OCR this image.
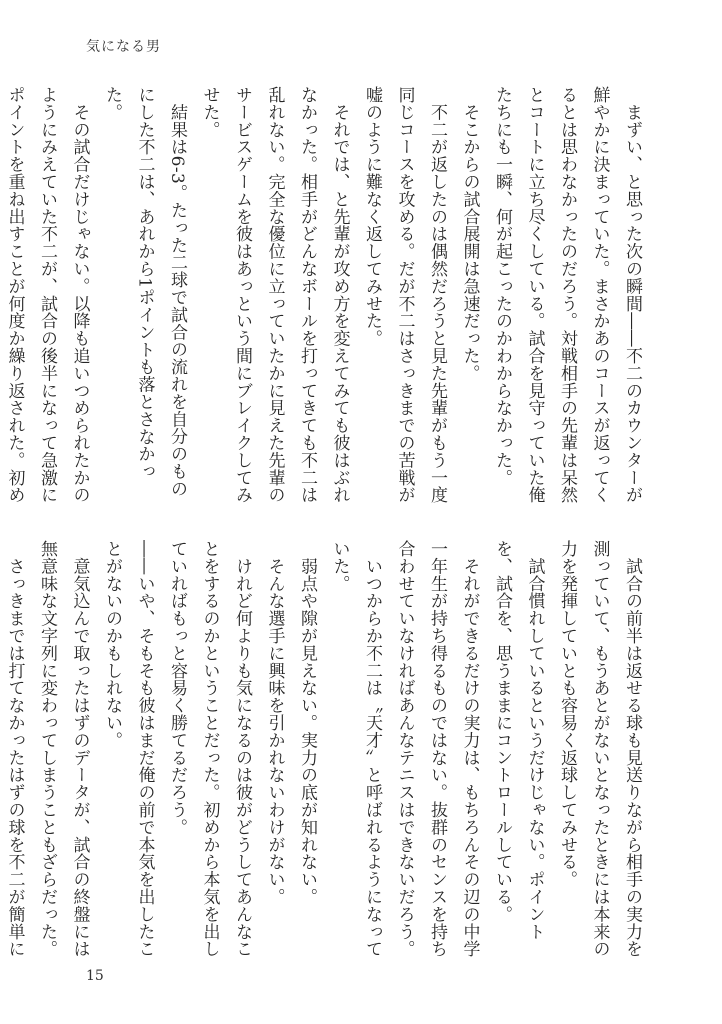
気になる男

　まずい、と思った次の瞬間――不二のカウンターが鮮やかに決まっていた。まさかあのコースが返ってくるとは思わなかったのだろう。対戦相手の先輩は呆然とコートに立ち尽くしている。試合を見守っていた俺たちにも一瞬、何が起こったのかわからなかった。

　そこからの試合展開は急速だった。

　不二が返したのは偶然だろうと見た先輩がもう一度同じコースを攻める。だが不二はさっきまでの苦戦が嘘のように難なく返してみせた。

　それでは、と先輩が攻め方を変えてみても彼はぶれなかった。相手がどんなボールを打ってきても不二は乱れない。完全な優位に立っていたかに見えた先輩のサービスゲームを彼はあっという間にブレイクしてみせた。

　結果は6-3。たった二球で試合の流れを自分のものにした不二は、あれから1ポイントも落とさなかった。

　その試合だけじゃない。以降も追いつめられたかのようにみえていた不二が、試合の後半になって急激にポイントを重ね出すことが何度か繰り返された。初め

　試合の前半は返せる球も見送りながら相手の実力を測っていて、もうあとがないとなったときには本来の力を発揮していとも容易く返球してみせる。

　試合慣れしているというだけじゃない。ポイントを、試合を、思うままにコントロールしている。

　それができるだけの実力は、もちろんその辺の中学一年生が持ち得るものではない。抜群のセンスを持ち合わせていなければあんなテニスはできないだろう。

　いつからか不二は〝天才〟と呼ばれるようになっていた。

　弱点や隙が見えない。実力の底が知れない。

　そんな選手に興味を引かれないわけがない。

　けれど何よりも気になるのは彼がどうしてあんなことをするのかということだった。初めから本気を出していればもっと容易く勝てるだろう。

――いや、そもそも彼はまだ俺の前で本気を出したことがないのかもしれない。

　意気込んで取ったはずのデータが、試合の終盤には無意味な文字列に変わってしまうこともざらだった。

　さっきまでは打てなかったはずの球を不二が簡単に

15
